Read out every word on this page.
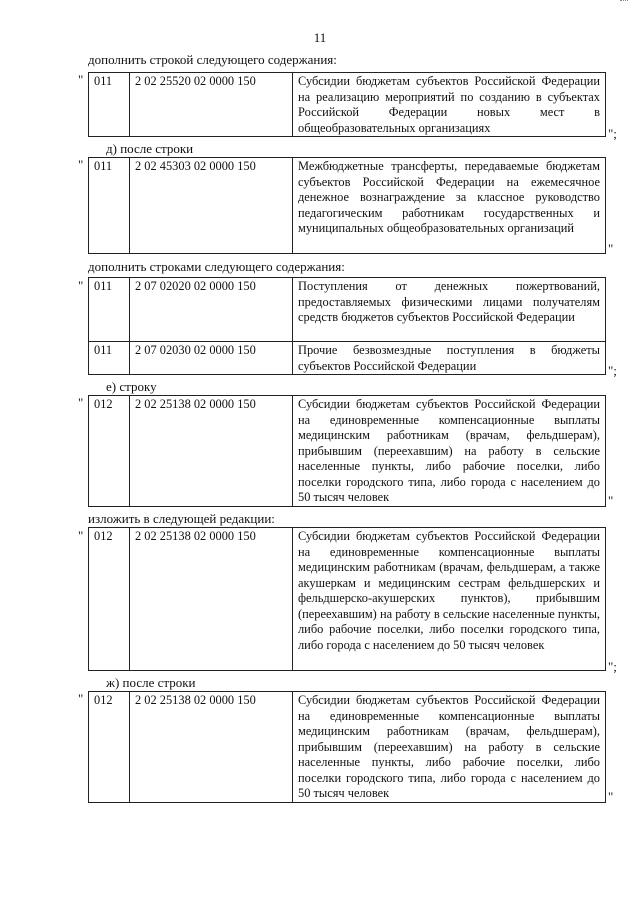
11
дополнить строкой следующего содержания:
" 011	2 02 25520 02 0000 150	Субсидии бюджетам субъектов Российской Федерации на реализацию мероприятий по созданию в субъектах Российской Федерации новых мест в общеобразовательных организациях	";
д) после строки
" 011	2 02 45303 02 0000 150	Межбюджетные трансферты, передаваемые бюджетам субъектов Российской Федерации на ежемесячное денежное вознаграждение за классное руководство педагогическим работникам государственных и муниципальных общеобразовательных организаций
"
дополнить строками следующего содержания:
" 011	2 07 02020 02 0000 150	Поступления от денежных пожертвований, предоставляемых физическими лицами получателям средств бюджетов субъектов Российской Федерации
011	2 07 02030 02 0000 150	Прочие безвозмездные поступления в бюджеты субъектов Российской Федерации	";
е) строку
" 012	2 02 25138 02 0000 150	Субсидии бюджетам субъектов Российской Федерации на единовременные компенсационные выплаты медицинским работникам (врачам, фельдшерам), прибывшим (переехавшим) на работу в сельские населенные пункты, либо рабочие поселки, либо поселки городского типа, либо города с населением до 50 тысяч человек	"
изложить в следующей редакции:
" 012	2 02 25138 02 0000 150	Субсидии бюджетам субъектов Российской Федерации на единовременные компенсационные выплаты медицинским работникам (врачам, фельдшерам, а также акушеркам и медицинским сестрам фельдшерских и фельдшерско-акушерских пунктов), прибывшим (переехавшим) на работу в сельские населенные пункты, либо рабочие поселки, либо поселки городского типа, либо города с населением до 50 тысяч человек
";
ж) после строки
" 012	2 02 25138 02 0000 150	Субсидии бюджетам субъектов Российской Федерации на единовременные компенсационные выплаты медицинским работникам (врачам, фельдшерам), прибывшим (переехавшим) на работу в сельские населенные пункты, либо рабочие поселки, либо поселки городского типа, либо города с населением до 50 тысяч человек	"
